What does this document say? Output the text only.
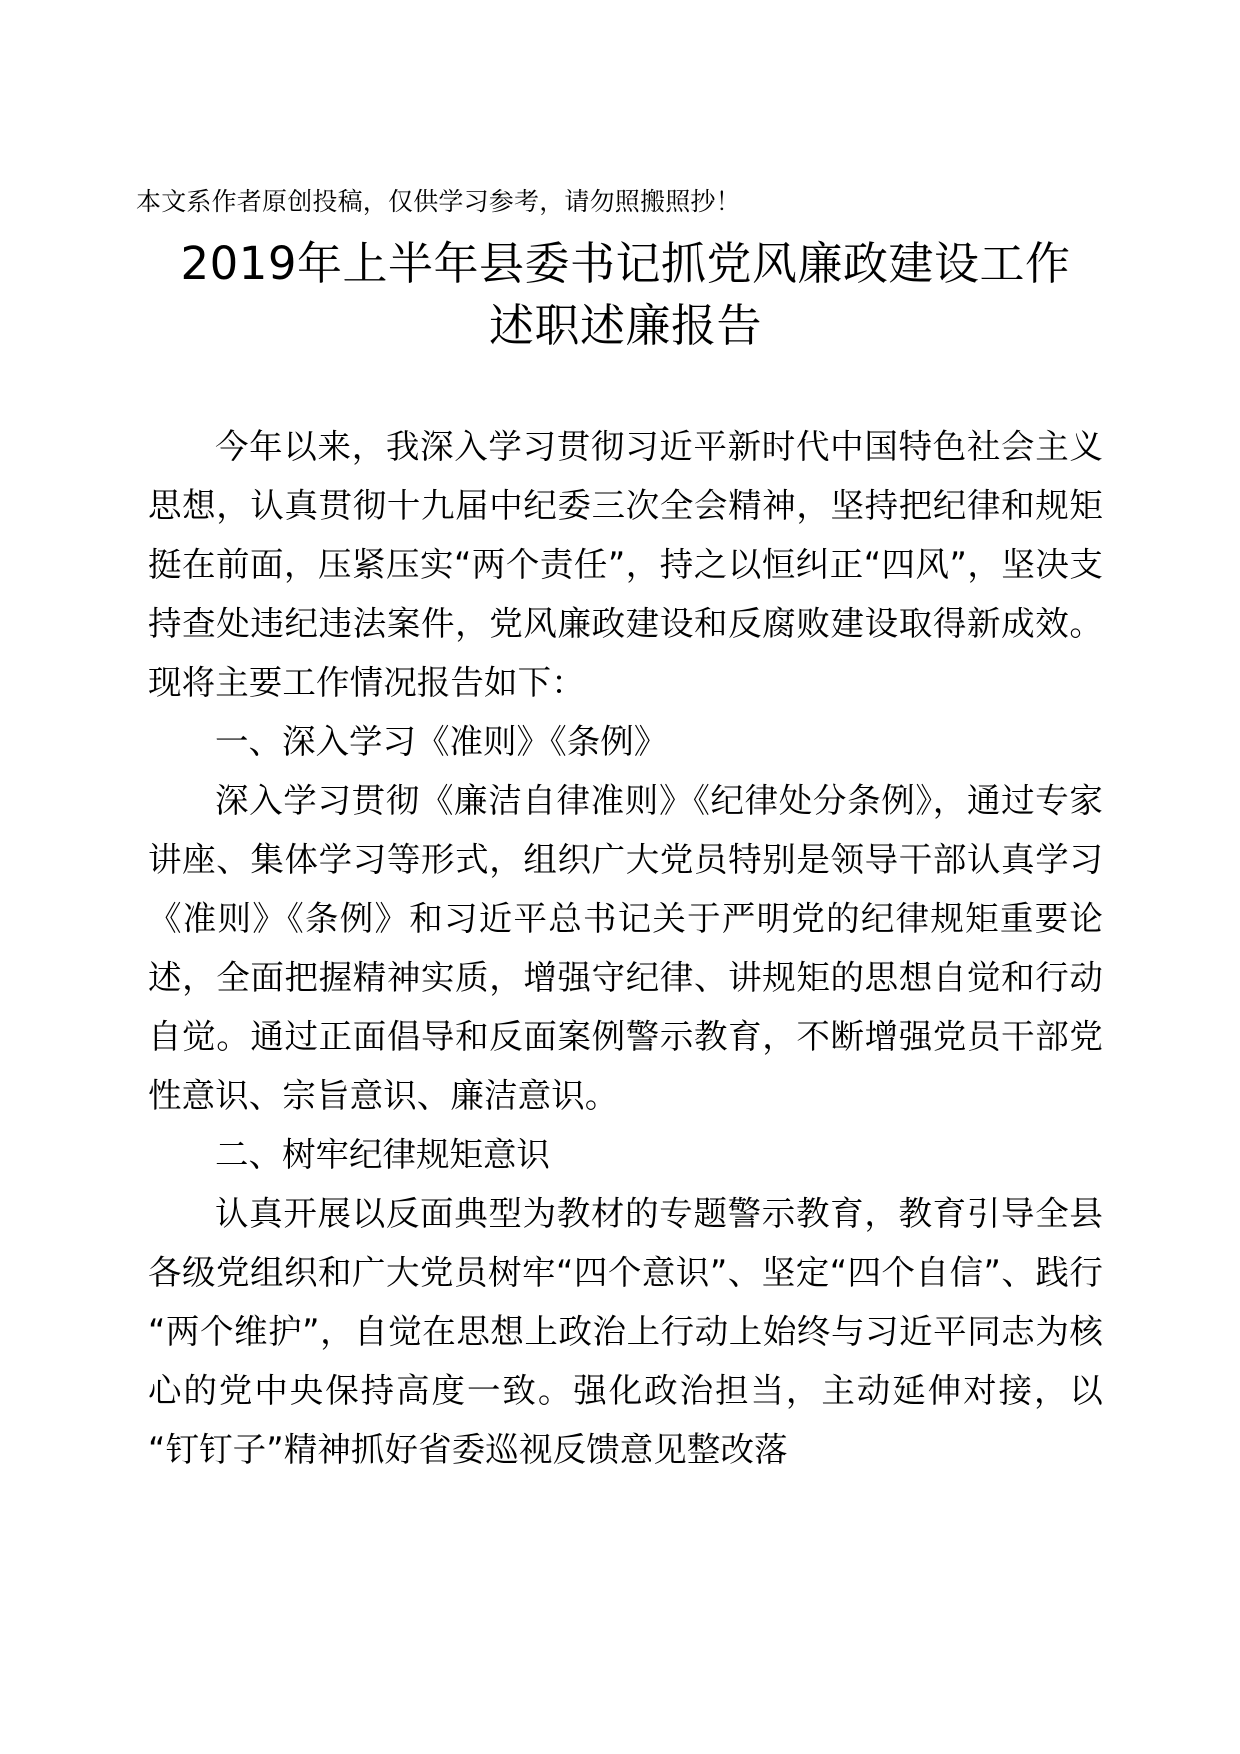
本文系作者原创投稿，仅供学习参考，请勿照搬照抄！
2019年上半年县委书记抓党风廉政建设工作
述职述廉报告

今年以来，我深入学习贯彻习近平新时代中国特色社会主义思想，认真贯彻十九届中纪委三次全会精神，坚持把纪律和规矩挺在前面，压紧压实“两个责任”，持之以恒纠正“四风”，坚决支持查处违纪违法案件，党风廉政建设和反腐败建设取得新成效。现将主要工作情况报告如下：

一、深入学习《准则》《条例》

深入学习贯彻《廉洁自律准则》《纪律处分条例》，通过专家讲座、集体学习等形式，组织广大党员特别是领导干部认真学习《准则》《条例》和习近平总书记关于严明党的纪律规矩重要论述，全面把握精神实质，增强守纪律、讲规矩的思想自觉和行动自觉。通过正面倡导和反面案例警示教育，不断增强党员干部党性意识、宗旨意识、廉洁意识。

二、树牢纪律规矩意识

认真开展以反面典型为教材的专题警示教育，教育引导全县各级党组织和广大党员树牢“四个意识”、坚定“四个自信”、践行“两个维护”，自觉在思想上政治上行动上始终与习近平同志为核心的党中央保持高度一致。强化政治担当，主动延伸对接，以“钉钉子”精神抓好省委巡视反馈意见整改落
